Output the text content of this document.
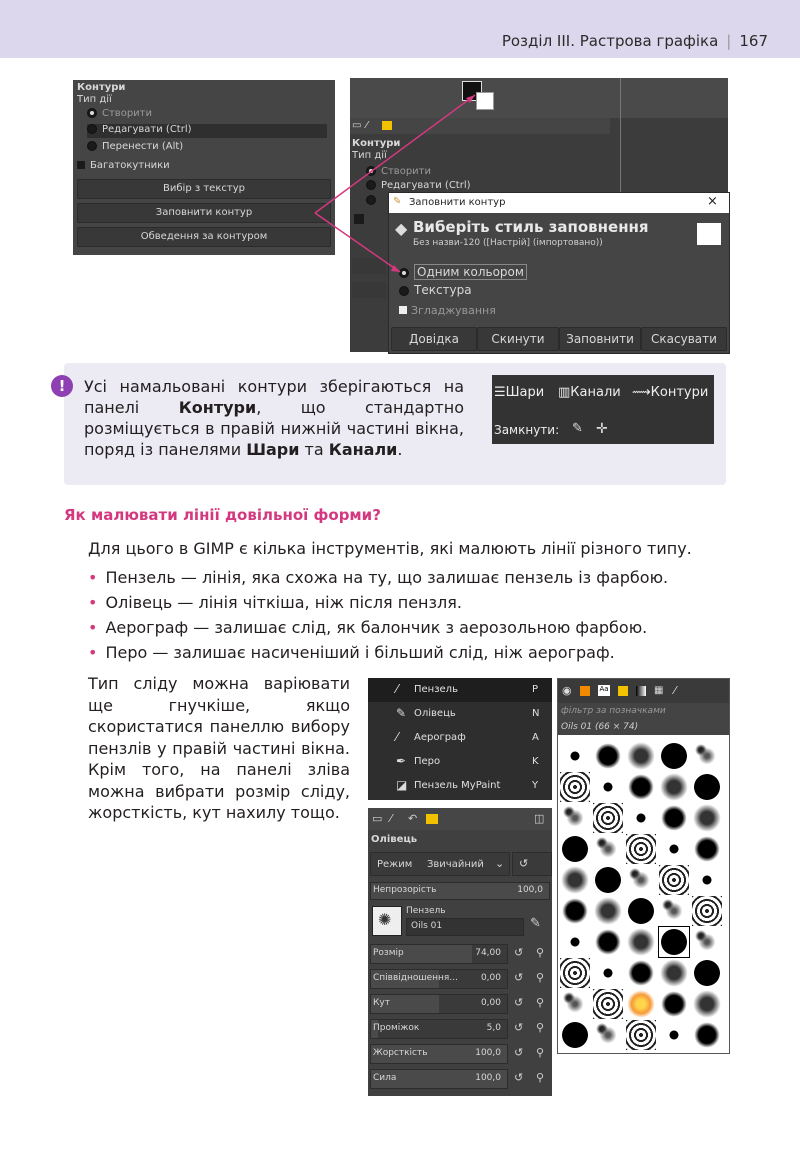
Розділ ІІІ. Растрова графіка | 167
Контури
Тип дії
Створити
Редагувати (Ctrl)
Перенести (Alt)
Багатокутники
Вибір з текстур
Заповнити контур
Обведення за контуром
▭ ⁄
Контури
Тип дії
Створити
Редагувати (Ctrl)
✎ Заповнити контур	×
◆ Виберіть стиль заповнення
Без назви-120 ([Настрій] (імпортовано))
Одним кольором
Текстура
Згладжування
Довідка	Скинути	Заповнити	Скасувати
!	Усі намальовані контури зберігаються на панелі Контури, що стандартно розміщується в правій нижній частині вікна, поряд із панелями Шари та Канали.
☰Шари	▥Канали ⟿Контури
Замкнути: ✎ ✛
Як малювати лінії довільної форми?
Для цього в GIMP є кілька інструментів, які малюють лінії різного типу.
• Пензель — лінія, яка схожа на ту, що залишає пензель із фарбою.
• Олівець — лінія чіткіша, ніж після пензля.
• Аерограф — залишає слід, як балончик з аерозольною фарбою.
• Перо — залишає насиченіший і більший слід, ніж аерограф.
Тип сліду можна варіювати ще гнучкіше, якщо скористатися панеллю вибору пензлів у правій частині вікна. Крім того, на панелі зліва можна вибрати розмір сліду, жорсткість, кут нахилу тощо.
⁄ Пензель	P
✎ Олівець	N
⁄ Аерограф	A
✒ Перо	K
◪ Пензель MyPaint	Y
▭ ⁄ ↶	◫
Олівець
Режим Звичайний ⌄ ↺
Непрозорість	100,0
✺ Пензель
Oils 01	✎
Розмір	74,00 ↺ ⚲
Співвідношення...	0,00 ↺ ⚲
Кут	0,00 ↺ ⚲
Проміжок	5,0 ↺ ⚲
Жорсткість	100,0 ↺ ⚲
Сила	100,0 ↺ ⚲
◉	Aa	▦ ⁄
фільтр за позначками
Oils 01 (66 × 74)
